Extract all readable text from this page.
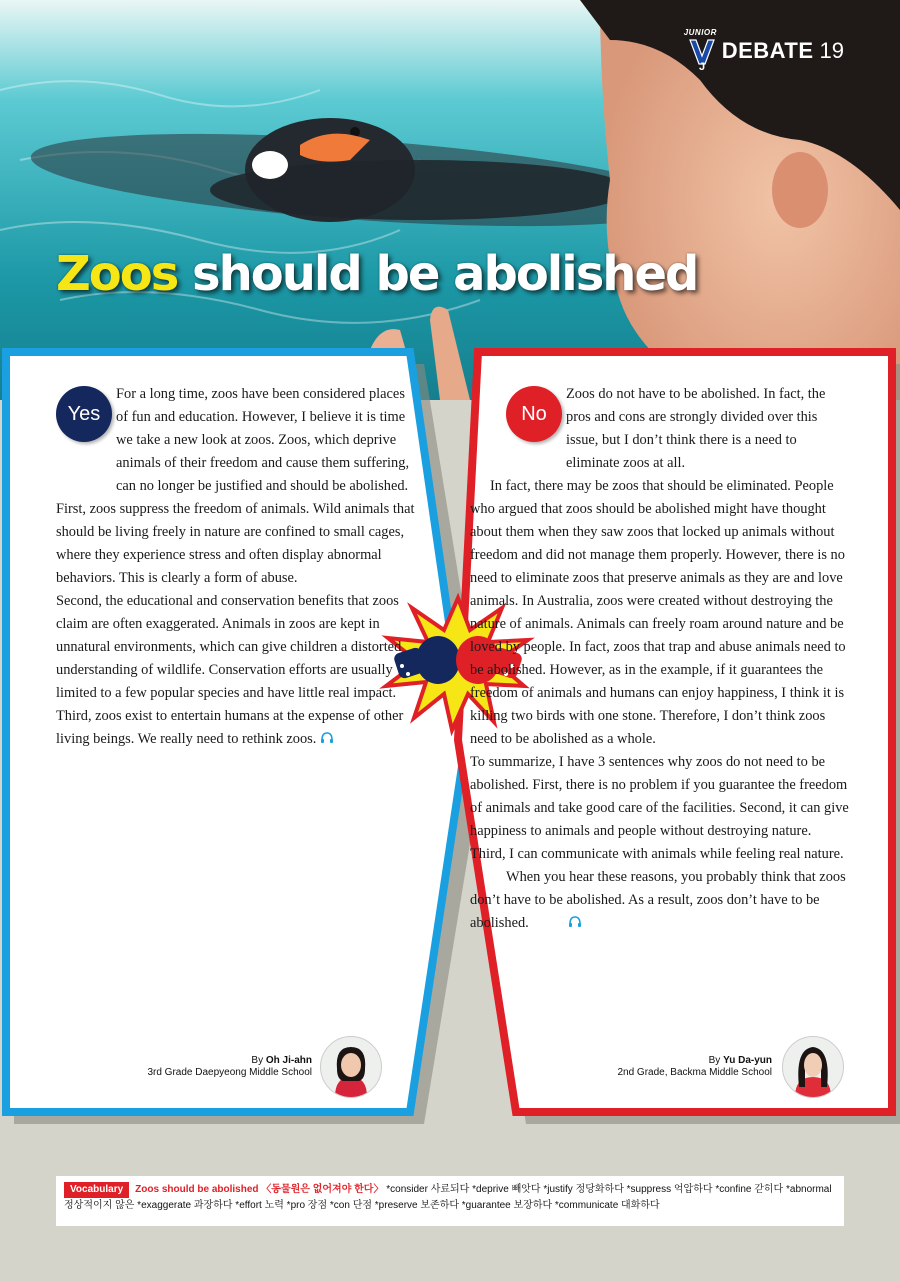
JUNIOR
J
DEBATE 19
Zoos should be abolished
Yes

For a long time, zoos have been considered places of fun and education. However, I believe it is time we take a new look at zoos. Zoos, which deprive animals of their freedom and cause them suffering, can no longer be justified and should be abolished.

First, zoos suppress the freedom of animals. Wild animals that should be living freely in nature are confined to small cages, where they experience stress and often display abnormal behaviors. This is clearly a form of abuse.

Second, the educational and conservation benefits that zoos claim are often exaggerated. Animals in zoos are kept in unnatural environments, which can give children a distorted understanding of wildlife. Conservation efforts are usually limited to a few popular species and have little real impact.

Third, zoos exist to entertain humans at the expense of other living beings. We really need to rethink zoos.

No

Zoos do not have to be abolished. In fact, the pros and cons are strongly divided over this issue, but I don’t think there is a need to eliminate zoos at all.

In fact, there may be zoos that should be eliminated. People who argued that zoos should be abolished might have thought about them when they saw zoos that locked up animals without freedom and did not manage them properly. However, there is no need to eliminate zoos that preserve animals as they are and love animals. In Australia, zoos were created without destroying the nature of animals. Animals can freely roam around nature and be loved by people. In fact, zoos that trap and abuse animals need to be abolished. However, as in the example, if it guarantees the freedom of animals and humans can enjoy happiness, I think it is killing two birds with one stone. Therefore, I don’t think zoos need to be abolished as a whole.

To summarize, I have 3 sentences why zoos do not need to be abolished. First, there is no problem if you guarantee the freedom of animals and take good care of the facilities. Second, it can give happiness to animals and people without destroying nature. Third, I can communicate with animals while feeling real nature.

When you hear these reasons, you probably think that zoos don’t have to be abolished. As a result, zoos don’t have to be abolished.

By Oh Ji-ahn
3rd Grade Daepyeong Middle School
By Yu Da-yun
2nd Grade, Backma Middle School
Vocabulary Zoos should be abolished 〈동물원은 없어져야 한다〉 *consider 사료되다 *deprive 빼앗다 *justify 정당화하다 *suppress 억압하다 *confine 갇히다 *abnormal 정상적이지 않은 *exaggerate 과장하다 *effort 노력 *pro 장점 *con 단점 *preserve 보존하다 *guarantee 보장하다 *communicate 대화하다
